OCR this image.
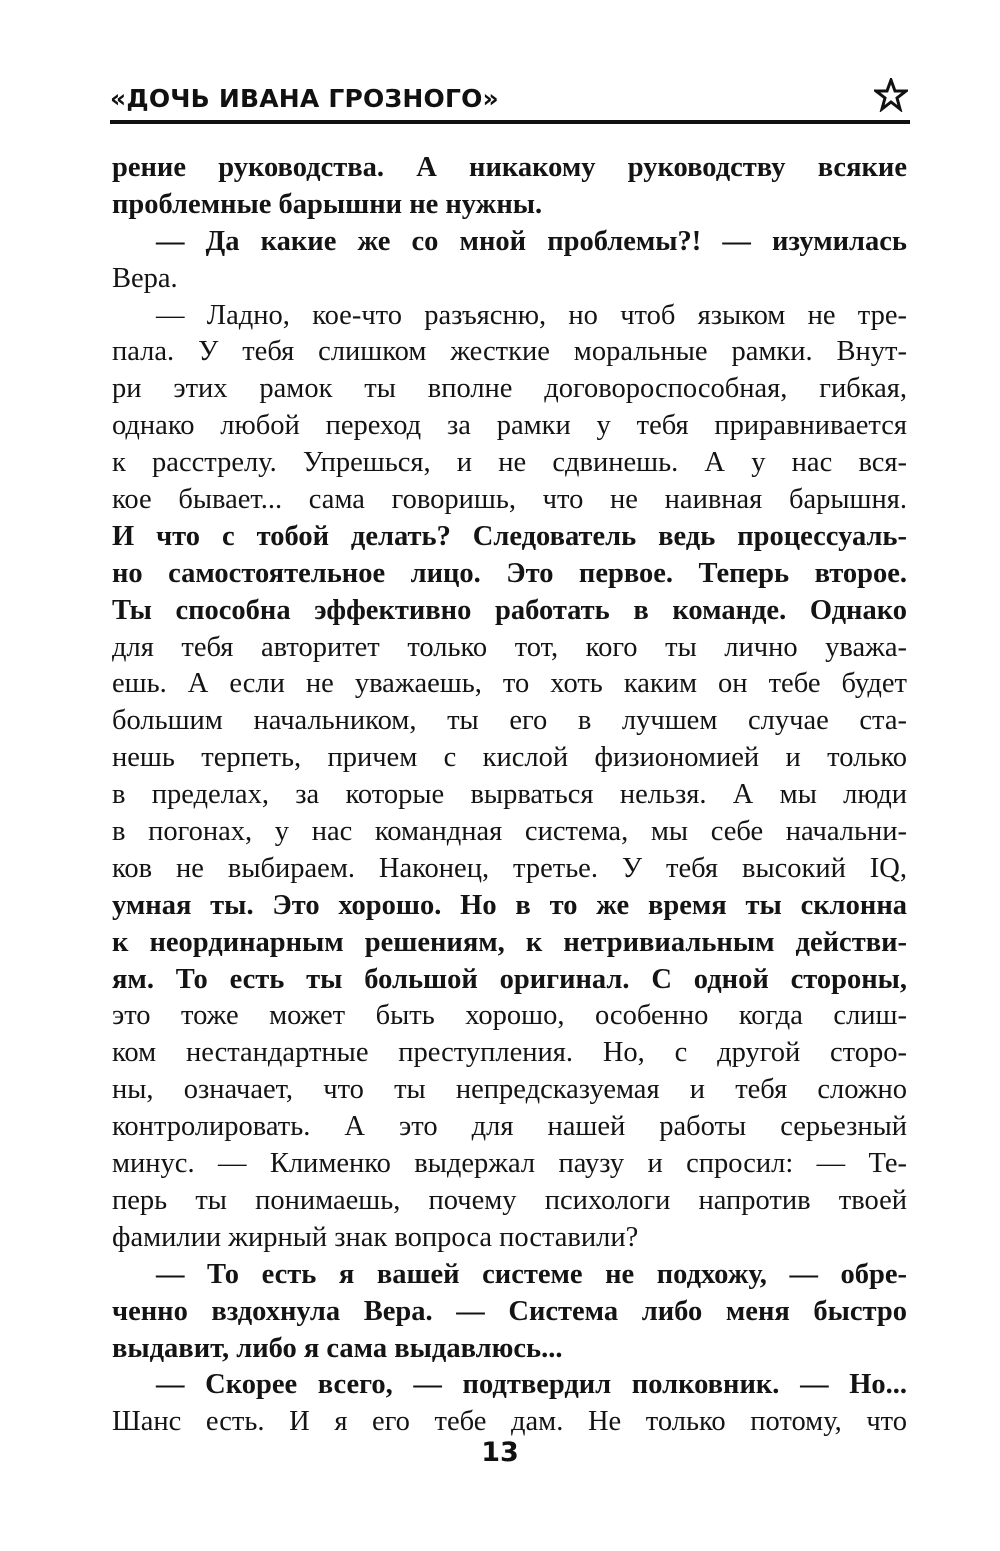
«ДОЧЬ ИВАНА ГРОЗНОГО»
рение руководства. А никакому руководству всякие
проблемные барышни не нужны.
— Да какие же со мной проблемы?! — изумилась
Вера.
— Ладно, кое-что разъясню, но чтоб языком не тре-
пала. У тебя слишком жесткие моральные рамки. Внут-
ри этих рамок ты вполне договороспособная, гибкая,
однако любой переход за рамки у тебя приравнивается
к расстрелу. Упрешься, и не сдвинешь. А у нас вся-
кое бывает... сама говоришь, что не наивная барышня.
И что с тобой делать? Следователь ведь процессуаль-
но самостоятельное лицо. Это первое. Теперь второе.
Ты способна эффективно работать в команде. Однако
для тебя авторитет только тот, кого ты лично уважа-
ешь. А если не уважаешь, то хоть каким он тебе будет
большим начальником, ты его в лучшем случае ста-
нешь терпеть, причем с кислой физиономией и только
в пределах, за которые вырваться нельзя. А мы люди
в погонах, у нас командная система, мы себе начальни-
ков не выбираем. Наконец, третье. У тебя высокий IQ,
умная ты. Это хорошо. Но в то же время ты склонна
к неординарным решениям, к нетривиальным действи-
ям. То есть ты большой оригинал. С одной стороны,
это тоже может быть хорошо, особенно когда слиш-
ком нестандартные преступления. Но, с другой сторо-
ны, означает, что ты непредсказуемая и тебя сложно
контролировать. А это для нашей работы серьезный
минус. — Клименко выдержал паузу и спросил: — Те-
перь ты понимаешь, почему психологи напротив твоей
фамилии жирный знак вопроса поставили?
— То есть я вашей системе не подхожу, — обре-
ченно вздохнула Вера. — Система либо меня быстро
выдавит, либо я сама выдавлюсь...
— Скорее всего, — подтвердил полковник. — Но...
Шанс есть. И я его тебе дам. Не только потому, что
13
